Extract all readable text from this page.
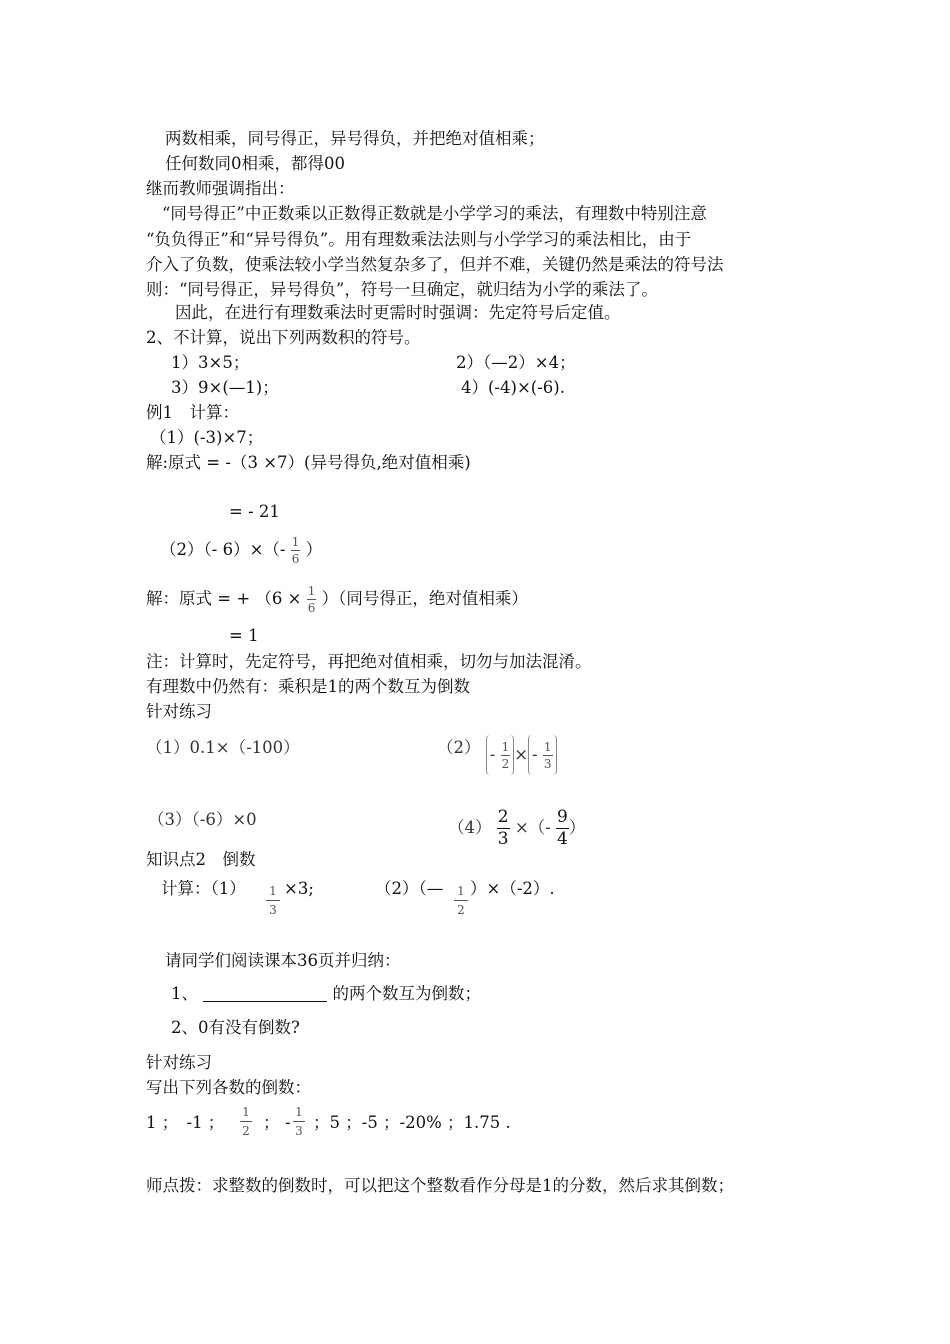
两数相乘，同号得正，异号得负，并把绝对值相乘；
任何数同0相乘，都得00
继而教师强调指出：
“同号得正”中正数乘以正数得正数就是小学学习的乘法，有理数中特别注意
“负负得正”和“异号得负”。用有理数乘法法则与小学学习的乘法相比，由于
介入了负数，使乘法较小学当然复杂多了，但并不难，关键仍然是乘法的符号法
则：“同号得正，异号得负”，符号一旦确定，就归结为小学的乘法了。
因此，在进行有理数乘法时更需时时强调：先定符号后定值。
2、不计算，说出下列两数积的符号。
1）3×5；	2）（—2）×4；
3）9×(—1)；	4）(-4)×(-6).
例1　计算：
（1）(-3)×7；
解:原式 = -（3 ×7）(异号得负,绝对值相乘)
= - 21
（2）（- $6)\times(- \frac{1}{6}$ ）
解：原式 = + （$6 \times \frac{1}{6}$ ）（同号得正，绝对值相乘）
= 1
注：计算时，先定符号，再把绝对值相乘，切勿与加法混淆。
有理数中仍然有：乘积是1的两个数互为倒数
针对练习
（1）0.1×（-100）	$(2) - \frac{1}{2}$ × - $\frac{1}{3}$
（3）（-6）×0	$(4) \frac{2}{3}$ ×（- $\frac{9}{4}$ ）
知识点2　倒数
计算：（1） 1
3
×3;	（2）（— 1
2
）×（-2）.
请同学们阅读课本36页并归纳：
1、	的两个数互为倒数；
2、0有没有倒数?
针对练习
写出下列各数的倒数：
1 ；　-1 ；
1
2 ； -
1
3 ；5 ；-5 ；-20% ；1.75 .
师点拨：求整数的倒数时，可以把这个整数看作分母是1的分数，然后求其倒数；
